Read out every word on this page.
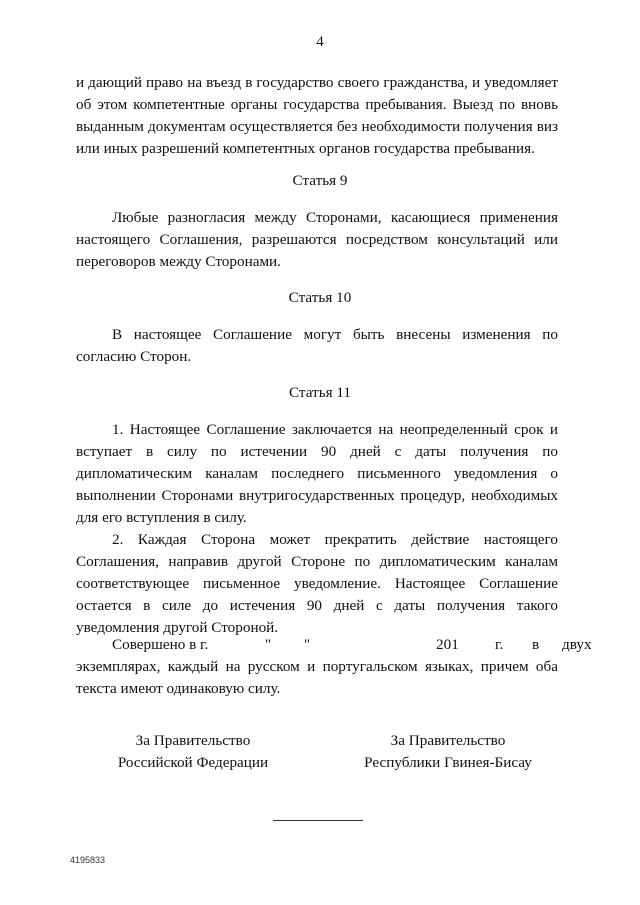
4

и дающий право на въезд в государство своего гражданства, и уведомляет об этом компетентные органы государства пребывания. Выезд по вновь выданным документам осуществляется без необходимости получения виз или иных разрешений компетентных органов государства пребывания.

Статья 9

Любые разногласия между Сторонами, касающиеся применения настоящего Соглашения, разрешаются посредством консультаций или переговоров между Сторонами.

Статья 10

В настоящее Соглашение могут быть внесены изменения по согласию Сторон.

Статья 11

1. Настоящее Соглашение заключается на неопределенный срок и вступает в силу по истечении 90 дней с даты получения по дипломатическим каналам последнего письменного уведомления о выполнении Сторонами внутригосударственных процедур, необходимых для его вступления в силу.

2. Каждая Сторона может прекратить действие настоящего Соглашения, направив другой Стороне по дипломатическим каналам соответствующее письменное уведомление. Настоящее Соглашение остается в силе до истечения 90 дней с даты получения такого уведомления другой Стороной.

Совершено в г.	" "	201 г. в двух

экземплярах, каждый на русском и португальском языках, причем оба текста имеют одинаковую силу.

За Правительство
Российской Федерации
За Правительство
Республики Гвинея-Бисау
4195833
